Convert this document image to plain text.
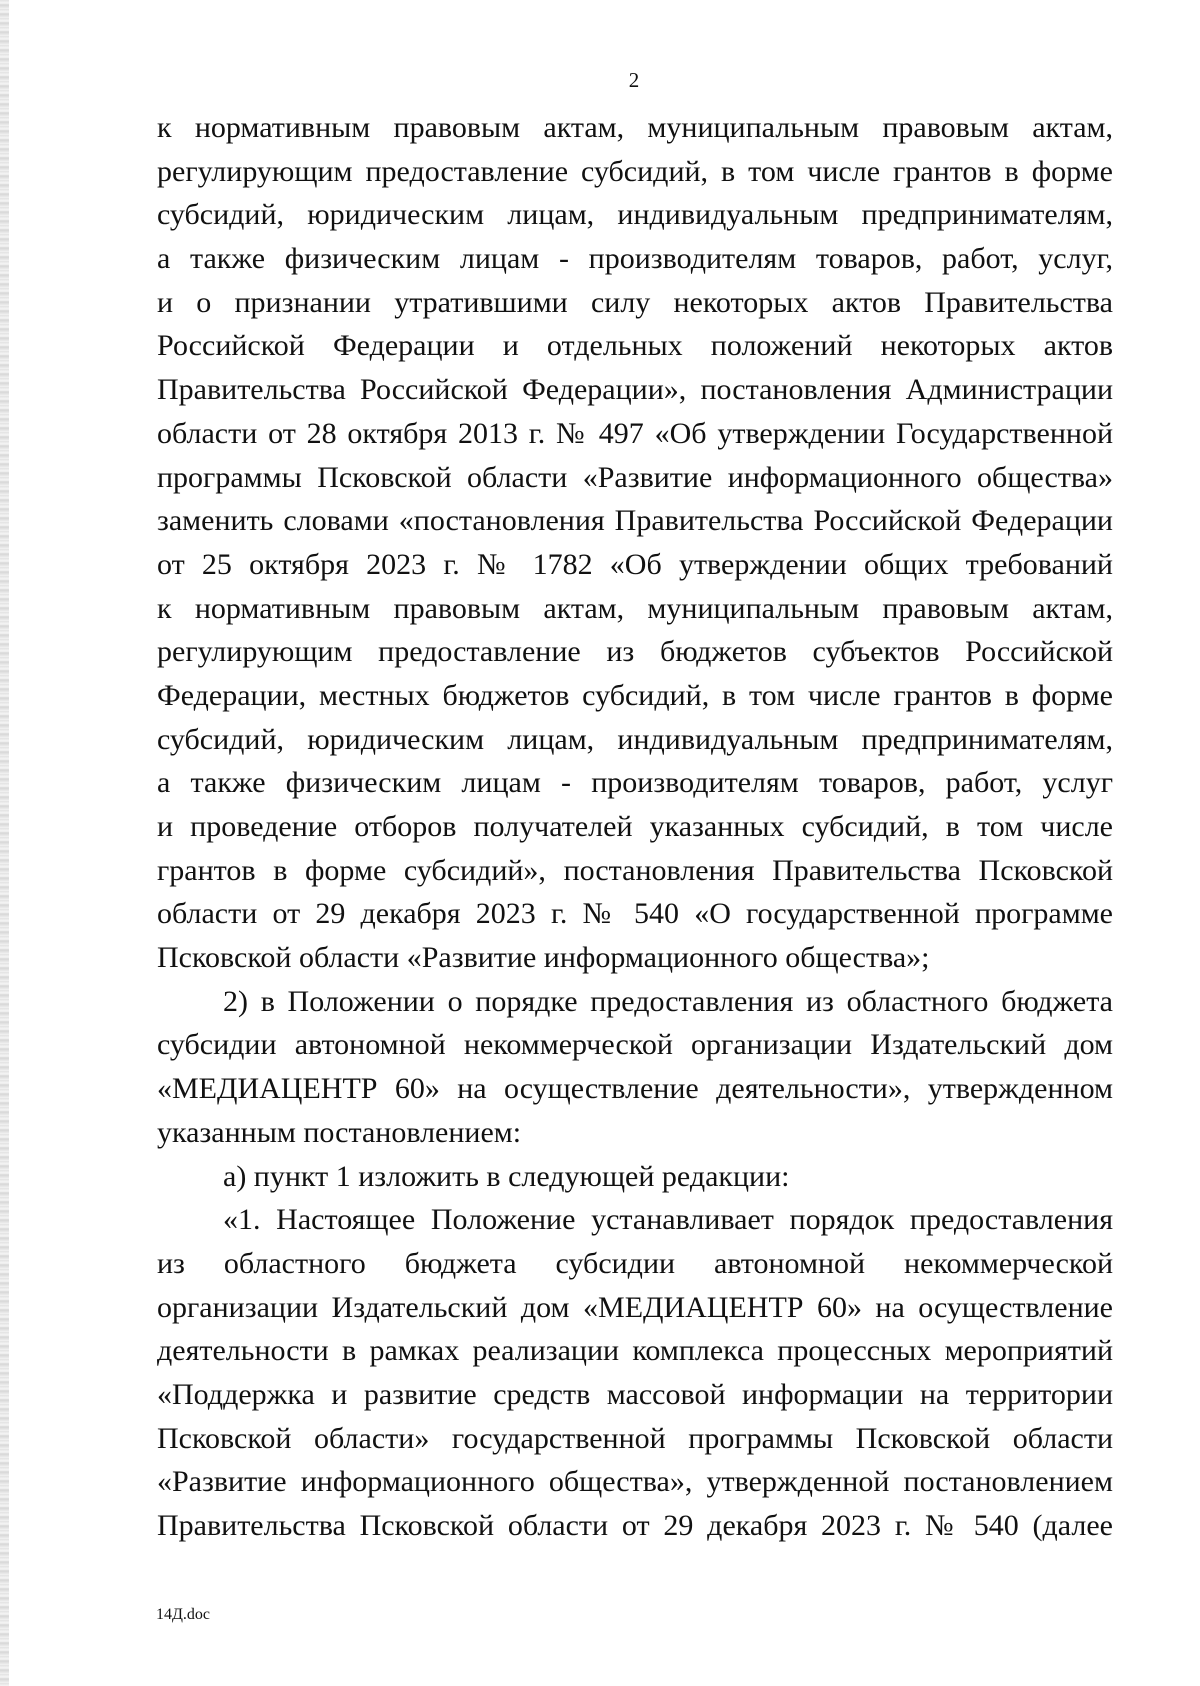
2
к нормативным правовым актам, муниципальным правовым актам,
регулирующим предоставление субсидий, в том числе грантов в форме
субсидий, юридическим лицам, индивидуальным предпринимателям,
а также физическим лицам - производителям товаров, работ, услуг,
и о признании утратившими силу некоторых актов Правительства
Российской Федерации и отдельных положений некоторых актов
Правительства Российской Федерации», постановления Администрации
области от 28 октября 2013 г. № 497 «Об утверждении Государственной
программы Псковской области «Развитие информационного общества»
заменить словами «постановления Правительства Российской Федерации
от 25 октября 2023 г. № 1782 «Об утверждении общих требований
к нормативным правовым актам, муниципальным правовым актам,
регулирующим предоставление из бюджетов субъектов Российской
Федерации, местных бюджетов субсидий, в том числе грантов в форме
субсидий, юридическим лицам, индивидуальным предпринимателям,
а также физическим лицам - производителям товаров, работ, услуг
и проведение отборов получателей указанных субсидий, в том числе
грантов в форме субсидий», постановления Правительства Псковской
области от 29 декабря 2023 г. № 540 «О государственной программе
Псковской области «Развитие информационного общества»;
2) в Положении о порядке предоставления из областного бюджета
субсидии автономной некоммерческой организации Издательский дом
«МЕДИАЦЕНТР 60» на осуществление деятельности», утвержденном
указанным постановлением:
а) пункт 1 изложить в следующей редакции:
«1. Настоящее Положение устанавливает порядок предоставления
из областного бюджета субсидии автономной некоммерческой
организации Издательский дом «МЕДИАЦЕНТР 60» на осуществление
деятельности в рамках реализации комплекса процессных мероприятий
«Поддержка и развитие средств массовой информации на территории
Псковской области» государственной программы Псковской области
«Развитие информационного общества», утвержденной постановлением
Правительства Псковской области от 29 декабря 2023 г. № 540 (далее
14Д.doc
